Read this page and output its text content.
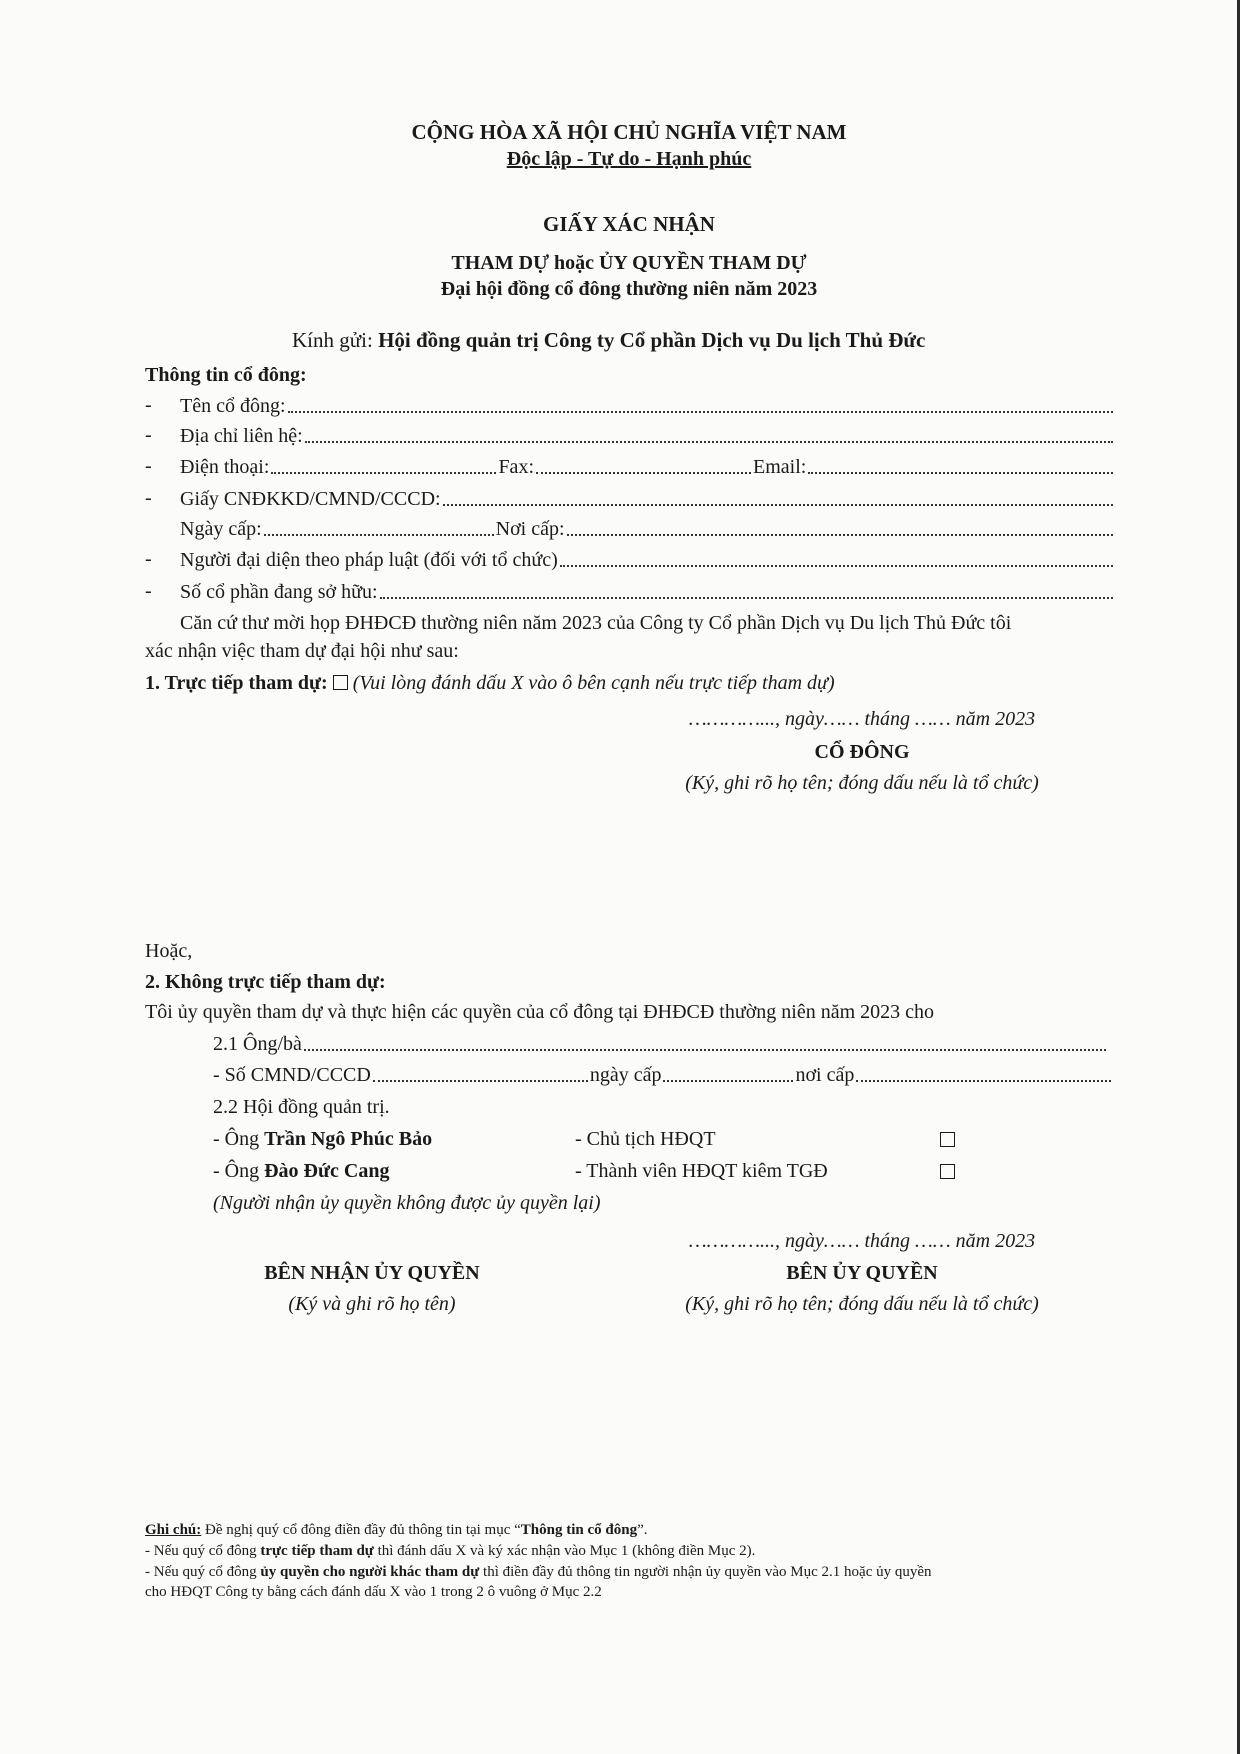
CỘNG HÒA XÃ HỘI CHỦ NGHĨA VIỆT NAM
Độc lập - Tự do - Hạnh phúc
GIẤY XÁC NHẬN
THAM DỰ hoặc ỦY QUYỀN THAM DỰ
Đại hội đồng cổ đông thường niên năm 2023
Kính gửi: Hội đồng quản trị Công ty Cổ phần Dịch vụ Du lịch Thủ Đức
Thông tin cổ đông:
- Tên cổ đông:
- Địa chỉ liên hệ:
- Điện thoại:	Fax:	Email:
- Giấy CNĐKKD/CMND/CCCD:
Ngày cấp:	Nơi cấp:
- Người đại diện theo pháp luật (đối với tổ chức)
- Số cổ phần đang sở hữu:
Căn cứ thư mời họp ĐHĐCĐ thường niên năm 2023 của Công ty Cổ phần Dịch vụ Du lịch Thủ Đức tôi
xác nhận việc tham dự đại hội như sau:
1. Trực tiếp tham dự: (Vui lòng đánh dấu X vào ô bên cạnh nếu trực tiếp tham dự)
…………..., ngày…… tháng …… năm 2023
CỔ ĐÔNG
(Ký, ghi rõ họ tên; đóng dấu nếu là tổ chức)
Hoặc,
2. Không trực tiếp tham dự:
Tôi ủy quyền tham dự và thực hiện các quyền của cổ đông tại ĐHĐCĐ thường niên năm 2023 cho
2.1 Ông/bà
- Số CMND/CCCD	ngày cấp	nơi cấp
2.2 Hội đồng quản trị.
- Ông Trần Ngô Phúc Bảo	- Chủ tịch HĐQT
- Ông Đào Đức Cang	- Thành viên HĐQT kiêm TGĐ
(Người nhận ủy quyền không được ủy quyền lại)
…………..., ngày…… tháng …… năm 2023
BÊN NHẬN ỦY QUYỀN
(Ký và ghi rõ họ tên)
BÊN ỦY QUYỀN
(Ký, ghi rõ họ tên; đóng dấu nếu là tổ chức)
Ghi chú: Đề nghị quý cổ đông điền đầy đủ thông tin tại mục “Thông tin cổ đông”.
- Nếu quý cổ đông trực tiếp tham dự thì đánh dấu X và ký xác nhận vào Mục 1 (không điền Mục 2).
- Nếu quý cổ đông ủy quyền cho người khác tham dự thì điền đầy đủ thông tin người nhận ủy quyền vào Mục 2.1 hoặc ủy quyền
cho HĐQT Công ty bằng cách đánh dấu X vào 1 trong 2 ô vuông ở Mục 2.2
